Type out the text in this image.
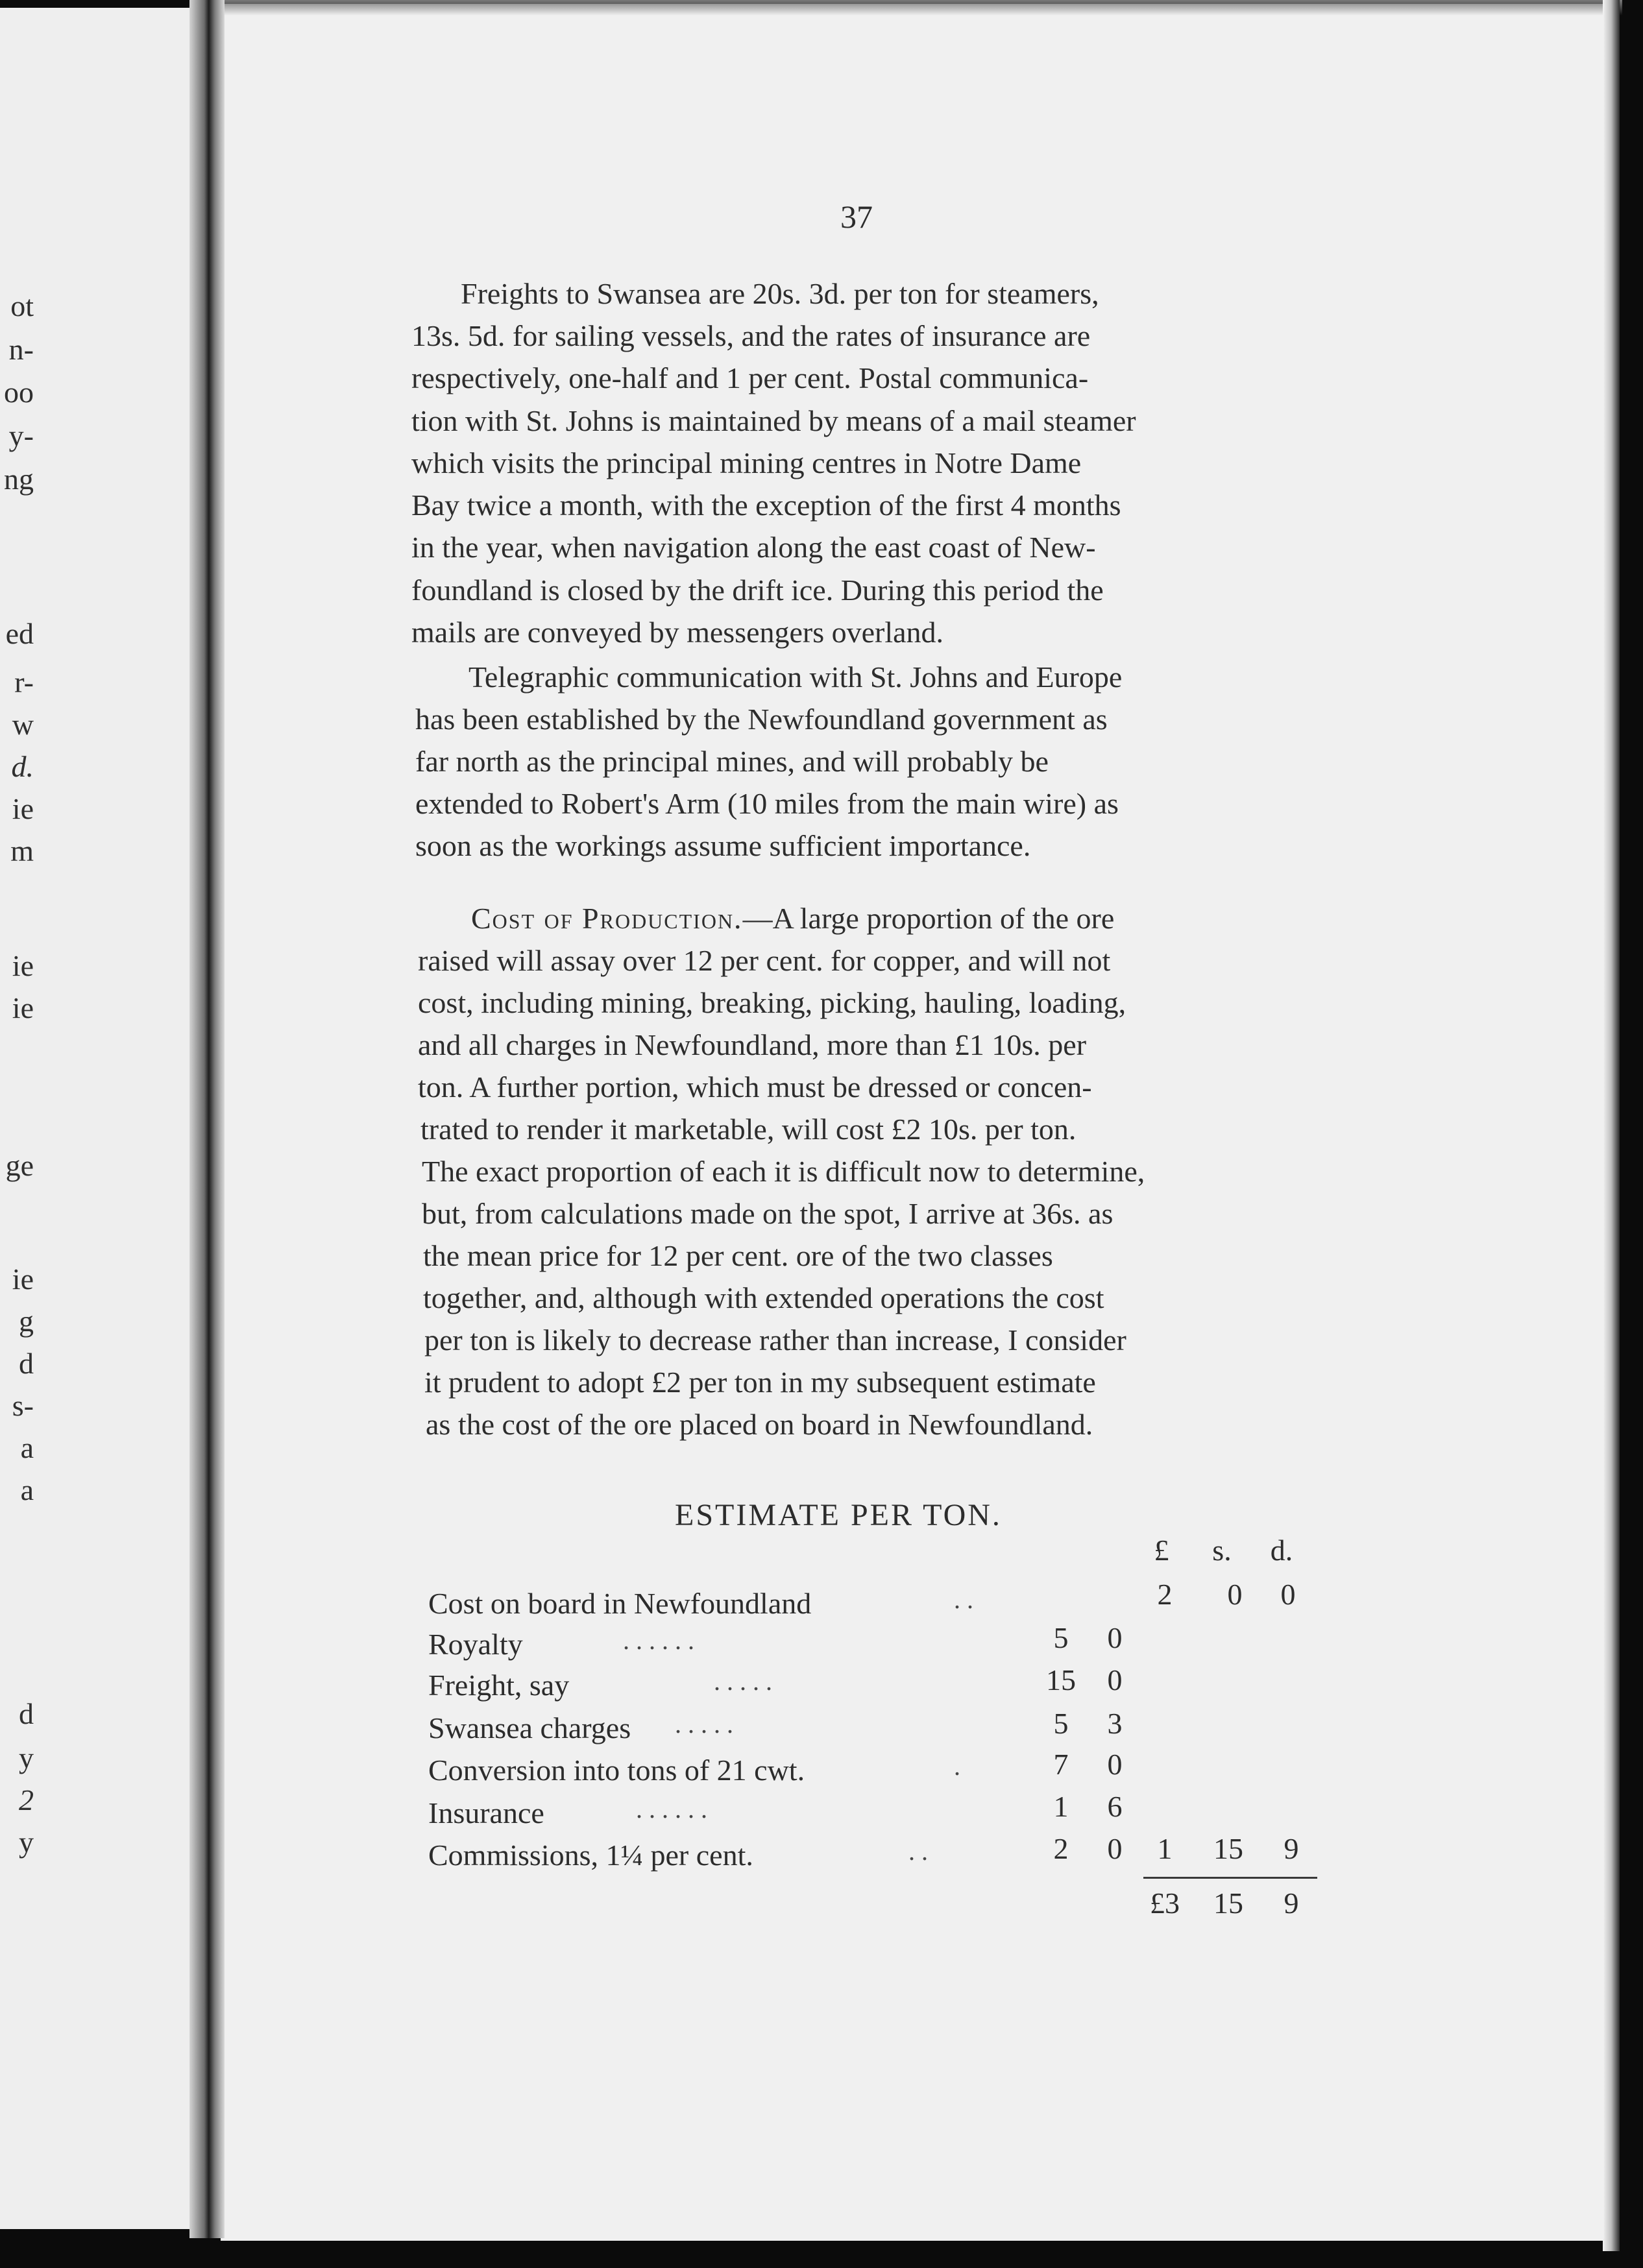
ot
n-
oo
y-
ng
ed
r-
w
d.
ie
m
ie
ie
ge
ie
g
d
s-
a
a
d
y
2
y
37

Freights to Swansea are 20s. 3d. per ton for steamers,

13s. 5d. for sailing vessels, and the rates of insurance are

respectively, one-half and 1 per cent. Postal communica-

tion with St. Johns is maintained by means of a mail steamer

which visits the principal mining centres in Notre Dame

Bay twice a month, with the exception of the first 4 months

in the year, when navigation along the east coast of New-

foundland is closed by the drift ice. During this period the

mails are conveyed by messengers overland.

Telegraphic communication with St. Johns and Europe

has been established by the Newfoundland government as

far north as the principal mines, and will probably be

extended to Robert's Arm (10 miles from the main wire) as

soon as the workings assume sufficient importance.

Cost of Production.—A large proportion of the ore

raised will assay over 12 per cent. for copper, and will not

cost, including mining, breaking, picking, hauling, loading,

and all charges in Newfoundland, more than £1 10s. per

ton. A further portion, which must be dressed or concen-

trated to render it marketable, will cost £2 10s. per ton.

The exact proportion of each it is difficult now to determine,

but, from calculations made on the spot, I arrive at 36s. as

the mean price for 12 per cent. ore of the two classes

together, and, although with extended operations the cost

per ton is likely to decrease rather than increase, I consider

it prudent to adopt £2 per ton in my subsequent estimate

as the cost of the ore placed on board in Newfoundland.

ESTIMATE PER TON.
£	s.	d.
Cost on board in Newfoundland	. .	2	0	0
Royalty	. . . . . .	5	0
Freight, say	. . . . .	15	0
Swansea charges . . . . .	5	3
Conversion into tons of 21 cwt.	.	7	0
Insurance	. . . . . .	1	6
Commissions, 1¼ per cent.	. .	2	0	1	15	9
£3	15	9
